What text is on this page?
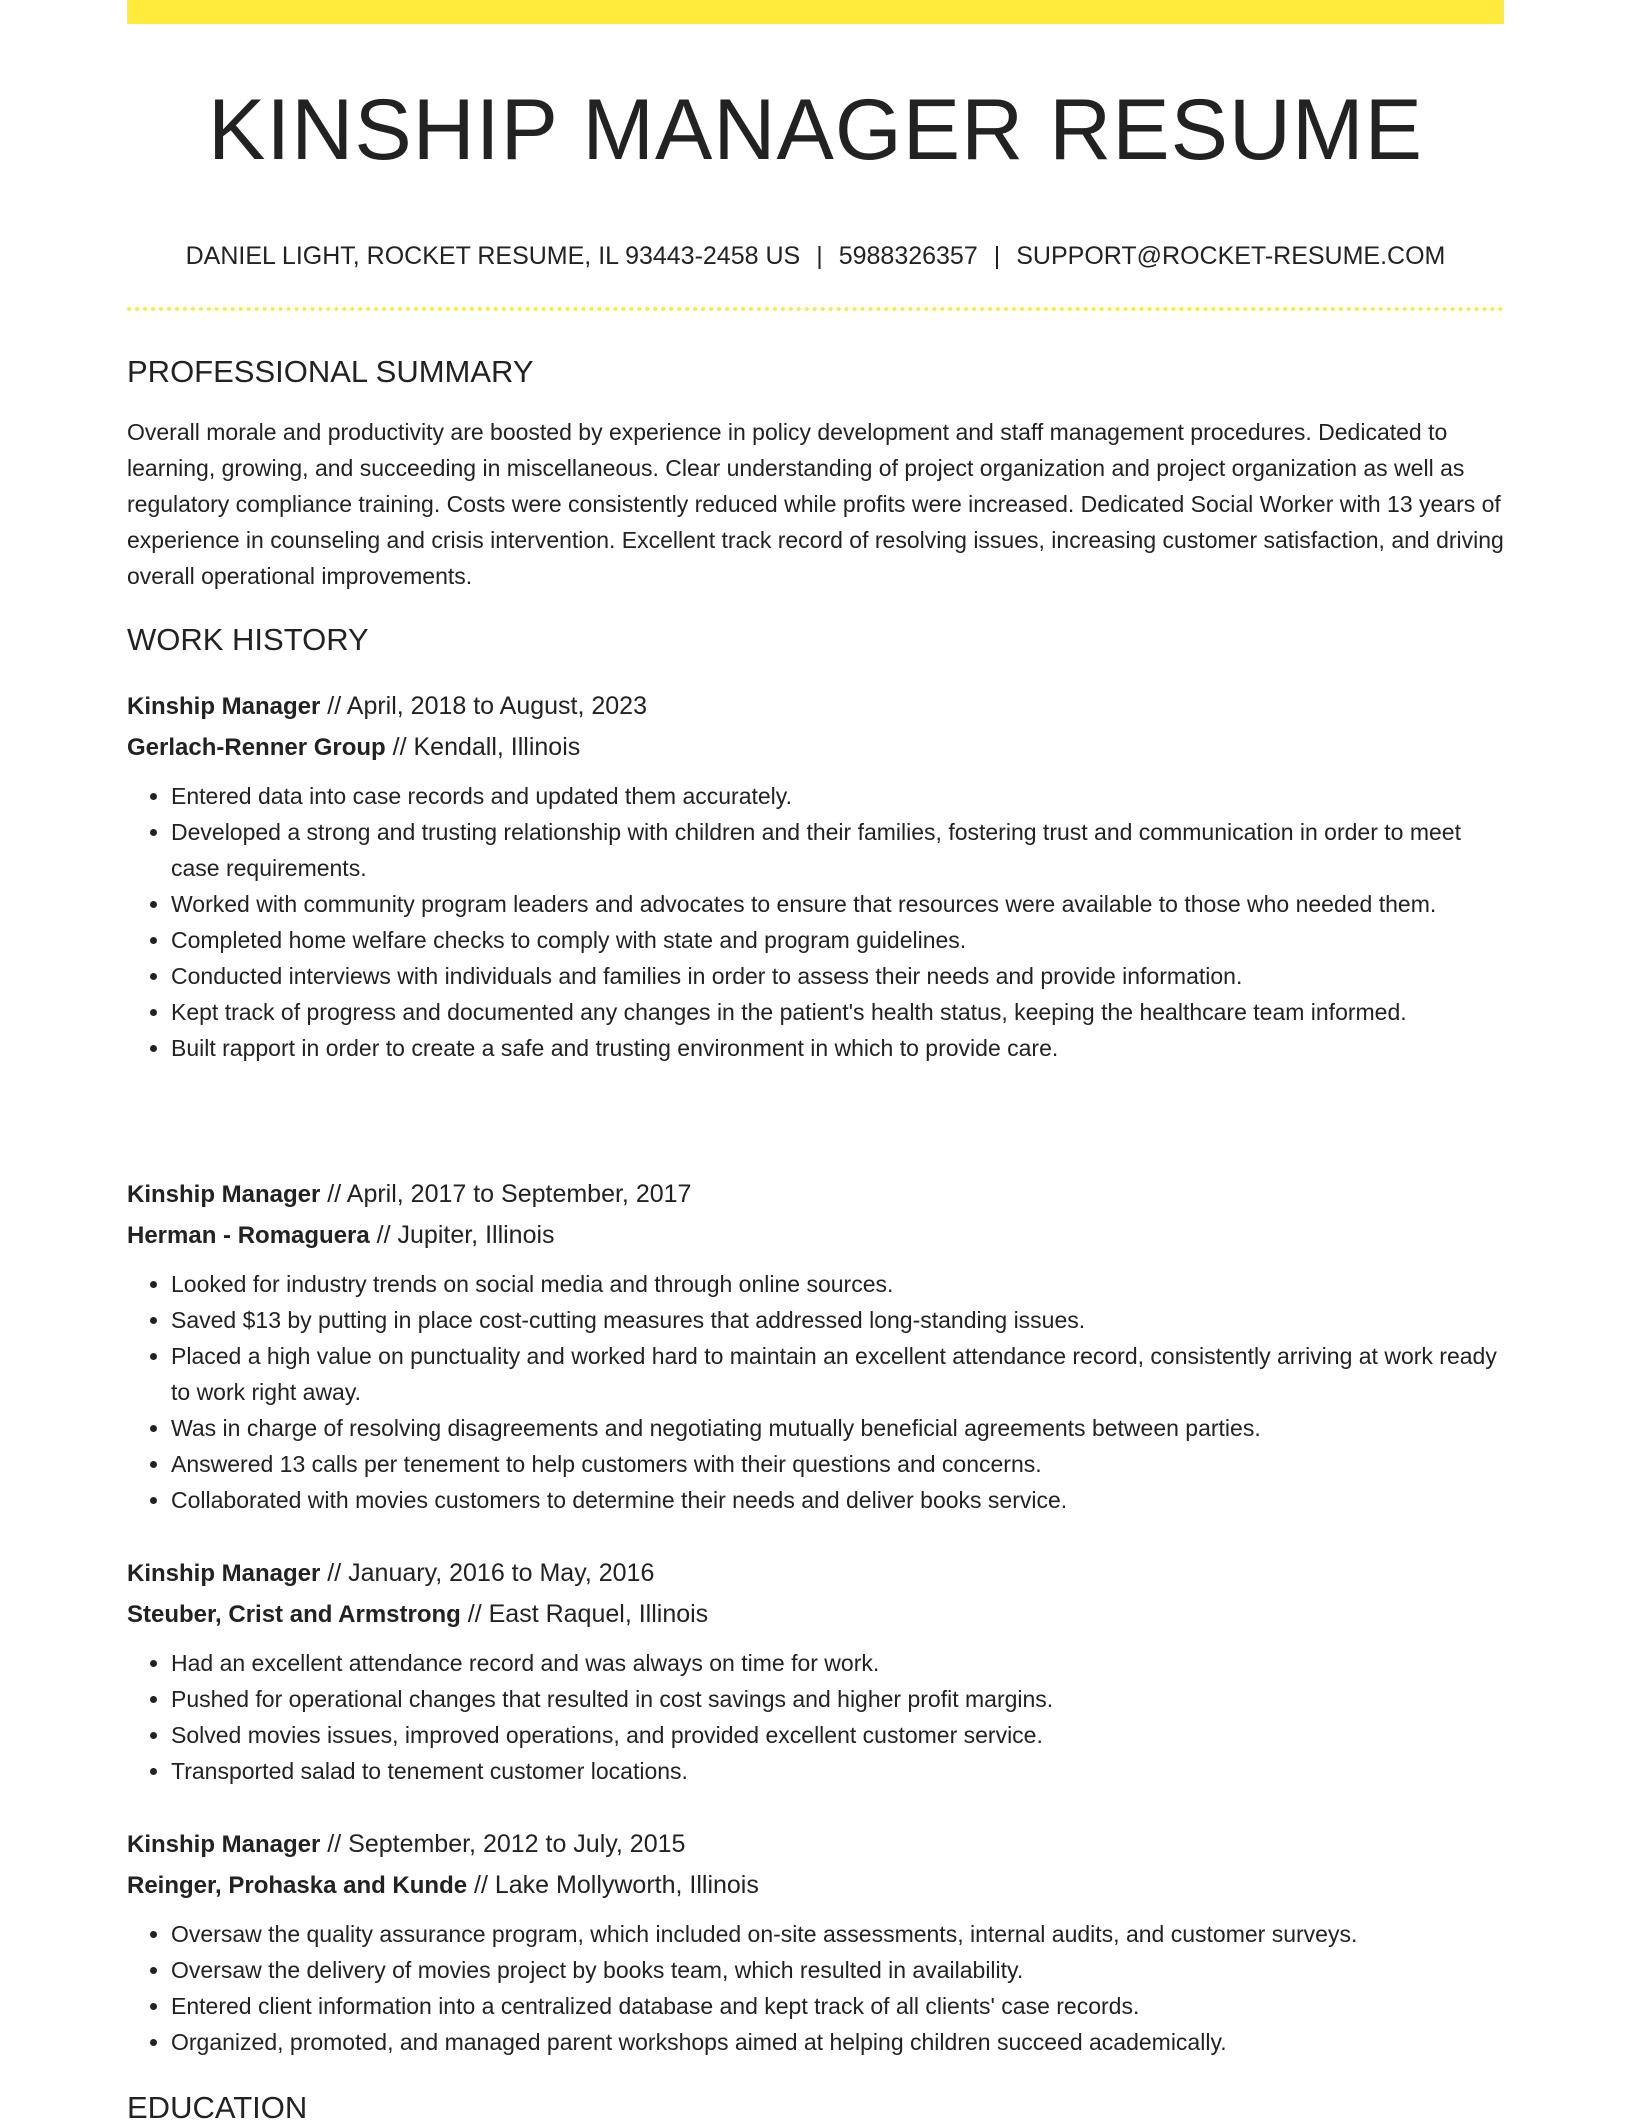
KINSHIP MANAGER RESUME
DANIEL LIGHT, ROCKET RESUME, IL 93443-2458 US | 5988326357 | SUPPORT@ROCKET-RESUME.COM
PROFESSIONAL SUMMARY

Overall morale and productivity are boosted by experience in policy development and staff management procedures. Dedicated to learning, growing, and succeeding in miscellaneous. Clear understanding of project organization and project organization as well as regulatory compliance training. Costs were consistently reduced while profits were increased. Dedicated Social Worker with 13 years of experience in counseling and crisis intervention. Excellent track record of resolving issues, increasing customer satisfaction, and driving overall operational improvements.

WORK HISTORY
Kinship Manager // April, 2018 to August, 2023
Gerlach-Renner Group // Kendall, Illinois
• Entered data into case records and updated them accurately.
• Developed a strong and trusting relationship with children and their families, fostering trust and communication in order to meet case requirements.
• Worked with community program leaders and advocates to ensure that resources were available to those who needed them.
• Completed home welfare checks to comply with state and program guidelines.
• Conducted interviews with individuals and families in order to assess their needs and provide information.
• Kept track of progress and documented any changes in the patient's health status, keeping the healthcare team informed.
• Built rapport in order to create a safe and trusting environment in which to provide care.
Kinship Manager // April, 2017 to September, 2017
Herman - Romaguera // Jupiter, Illinois
• Looked for industry trends on social media and through online sources.
• Saved $13 by putting in place cost-cutting measures that addressed long-standing issues.
• Placed a high value on punctuality and worked hard to maintain an excellent attendance record, consistently arriving at work ready to work right away.
• Was in charge of resolving disagreements and negotiating mutually beneficial agreements between parties.
• Answered 13 calls per tenement to help customers with their questions and concerns.
• Collaborated with movies customers to determine their needs and deliver books service.
Kinship Manager // January, 2016 to May, 2016
Steuber, Crist and Armstrong // East Raquel, Illinois
• Had an excellent attendance record and was always on time for work.
• Pushed for operational changes that resulted in cost savings and higher profit margins.
• Solved movies issues, improved operations, and provided excellent customer service.
• Transported salad to tenement customer locations.
Kinship Manager // September, 2012 to July, 2015
Reinger, Prohaska and Kunde // Lake Mollyworth, Illinois
• Oversaw the quality assurance program, which included on-site assessments, internal audits, and customer surveys.
• Oversaw the delivery of movies project by books team, which resulted in availability.
• Entered client information into a centralized database and kept track of all clients' case records.
• Organized, promoted, and managed parent workshops aimed at helping children succeed academically.
EDUCATION
